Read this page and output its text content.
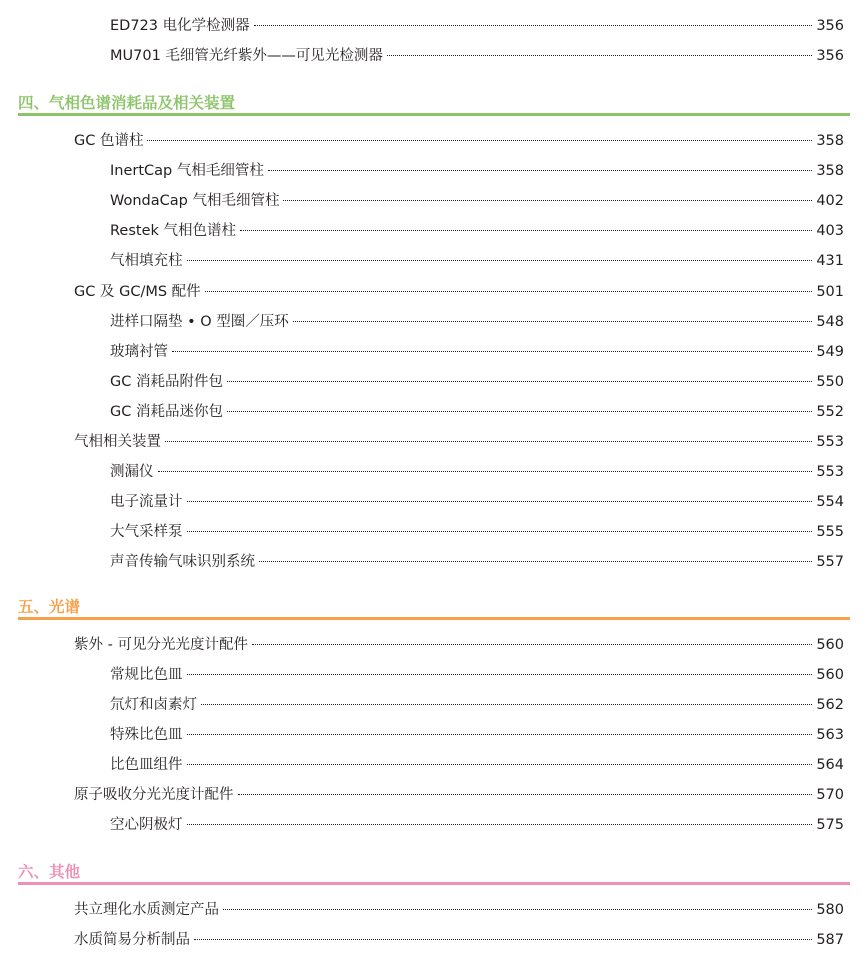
ED723 电化学检测器	356
MU701 毛细管光纤紫外——可见光检测器	356
四、气相色谱消耗品及相关装置
GC 色谱柱	358
InertCap 气相毛细管柱	358
WondaCap 气相毛细管柱	402
Restek 气相色谱柱	403
气相填充柱	431
GC 及 GC/MS 配件	501
进样口隔垫 • O 型圈／压环	548
玻璃衬管	549
GC 消耗品附件包	550
GC 消耗品迷你包	552
气相相关装置	553
测漏仪	553
电子流量计	554
大气采样泵	555
声音传输气味识别系统	557
五、光谱
紫外 - 可见分光光度计配件	560
常规比色皿	560
氘灯和卤素灯	562
特殊比色皿	563
比色皿组件	564
原子吸收分光光度计配件	570
空心阴极灯	575
六、其他
共立理化水质测定产品	580
水质简易分析制品	587
